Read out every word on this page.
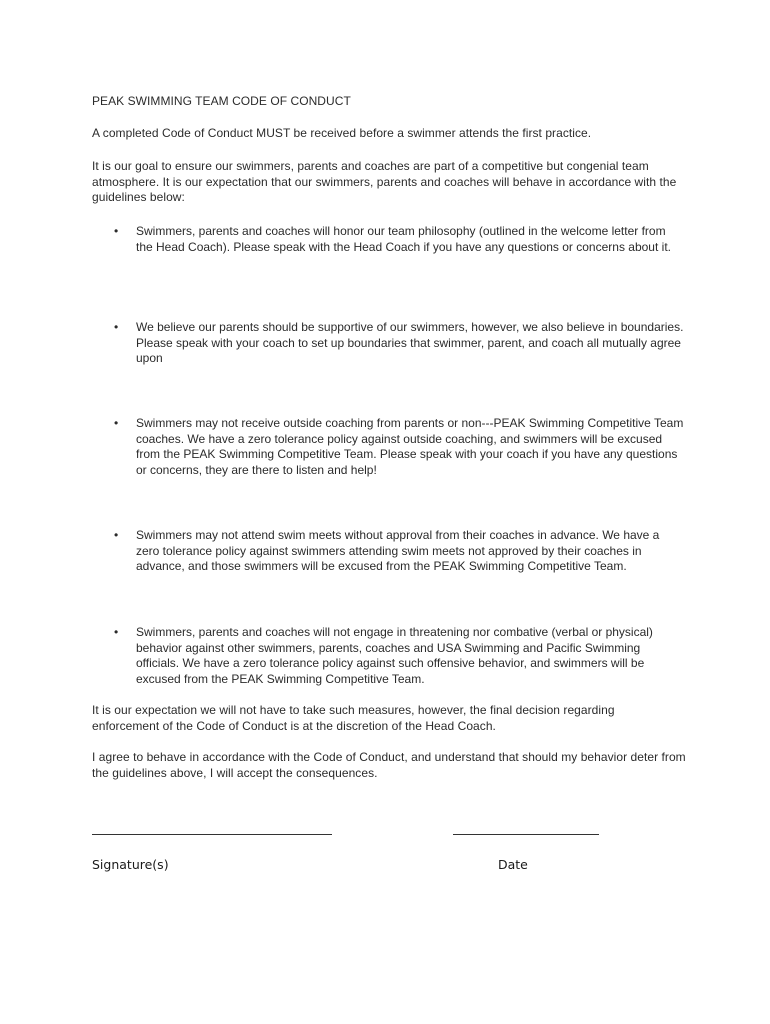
PEAK SWIMMING TEAM CODE OF CONDUCT
A completed Code of Conduct MUST be received before a swimmer attends the first practice.
It is our goal to ensure our swimmers, parents and coaches are part of a competitive but congenial team atmosphere. It is our expectation that our swimmers, parents and coaches will behave in accordance with the guidelines below:
•	Swimmers, parents and coaches will honor our team philosophy (outlined in the welcome letter from the Head Coach). Please speak with the Head Coach if you have any questions or concerns about it.
•	We believe our parents should be supportive of our swimmers, however, we also believe in boundaries. Please speak with your coach to set up boundaries that swimmer, parent, and coach all mutually agree upon
•	Swimmers may not receive outside coaching from parents or non---PEAK Swimming Competitive Team coaches. We have a zero tolerance policy against outside coaching, and swimmers will be excused from the PEAK Swimming Competitive Team. Please speak with your coach if you have any questions or concerns, they are there to listen and help!
•	Swimmers may not attend swim meets without approval from their coaches in advance. We have a zero tolerance policy against swimmers attending swim meets not approved by their coaches in advance, and those swimmers will be excused from the PEAK Swimming Competitive Team.
•	Swimmers, parents and coaches will not engage in threatening nor combative (verbal or physical) behavior against other swimmers, parents, coaches and USA Swimming and Pacific Swimming officials. We have a zero tolerance policy against such offensive behavior, and swimmers will be excused from the PEAK Swimming Competitive Team.
It is our expectation we will not have to take such measures, however, the final decision regarding enforcement of the Code of Conduct is at the discretion of the Head Coach.
I agree to behave in accordance with the Code of Conduct, and understand that should my behavior deter from the guidelines above, I will accept the consequences.
Signature(s)	Date
